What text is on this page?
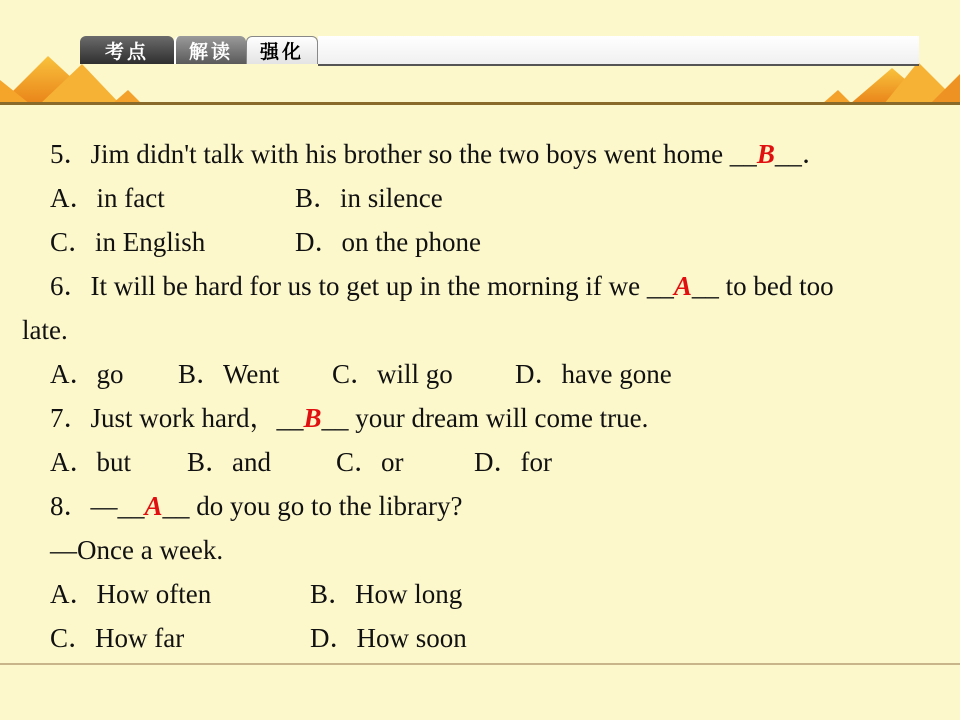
考点	解读	强化
5．Jim didn't talk with his brother so the two boys went home __B__．
A．in fact	B．in silence
C．in English	D．on the phone
6．It will be hard for us to get up in the morning if we __A__ to bed too
late.
A．go B．Went C．will go D．have gone
7．Just work hard，__B__ your dream will come true.
A．but B．and C．or	D．for
8．—__A__ do you go to the library?
—Once a week.
A．How often	B．How long
C．How far	D．How soon
